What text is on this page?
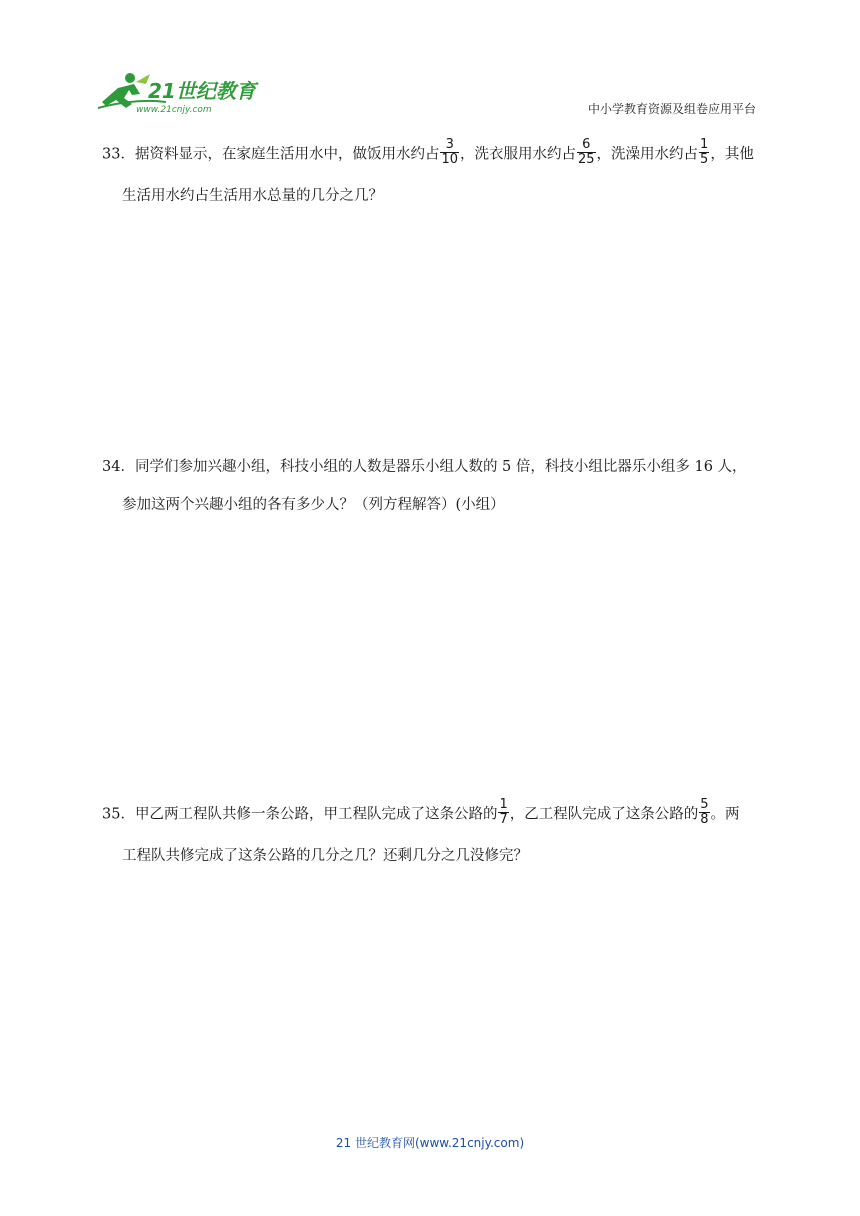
21世纪教育
www.21cnjy.com	中小学教育资源及组卷应用平台
33．据资料显示，在家庭生活用水中，做饭用水约占 $\frac{3}{10}$ ，洗衣服用水约占 $\frac{6}{25}$ ，洗澡用水约占 $\frac{1}{5}$ ，其他
生活用水约占生活用水总量的几分之几？
34．同学们参加兴趣小组，科技小组的人数是器乐小组人数的 5 倍，科技小组比器乐小组多 16 人，
参加这两个兴趣小组的各有多少人？（列方程解答）(小组）
35．甲乙两工程队共修一条公路，甲工程队完成了这条公路的 $\frac{1}{7}$ ，乙工程队完成了这条公路的 $\frac{5}{8}$ 。两
工程队共修完成了这条公路的几分之几？还剩几分之几没修完？
21 世纪教育网(www.21cnjy.com)
